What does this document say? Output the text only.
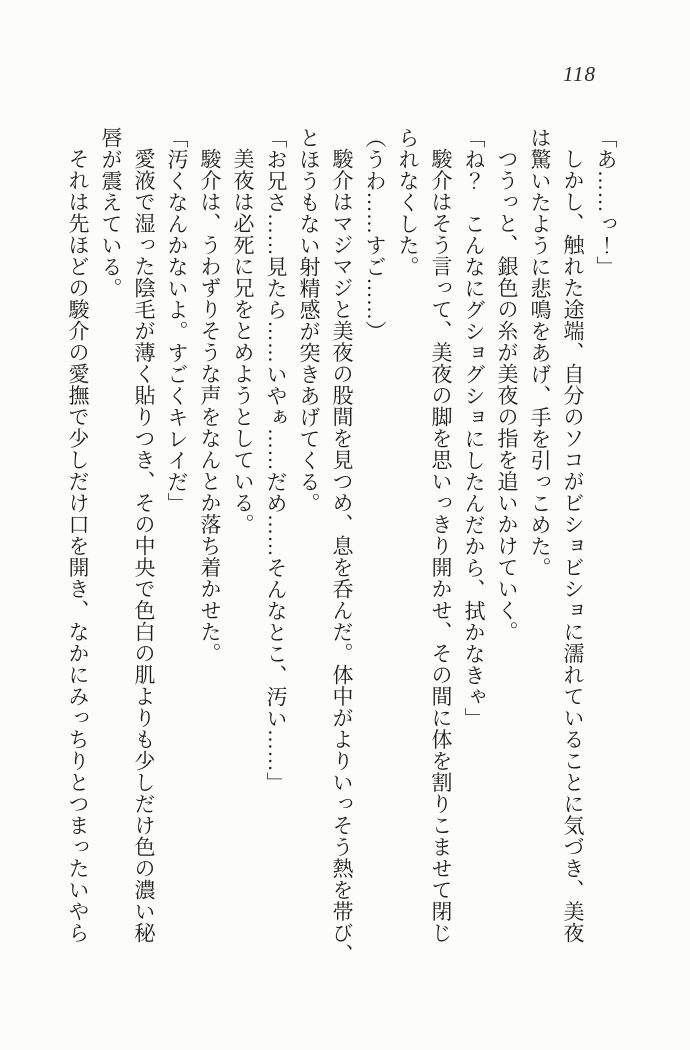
118

「あ……っ！」

しかし、触れた途端、自分のソコがビショビショに濡れていることに気づき、美夜

は驚いたように悲鳴をあげ、手を引っこめた。

つうっと、銀色の糸が美夜の指を追いかけていく。

「ね？　こんなにグショグショにしたんだから、拭かなきゃ」

駿介はそう言って、美夜の脚を思いっきり開かせ、その間に体を割りこませて閉じ

られなくした。

（うわ……すご……）

駿介はマジマジと美夜の股間を見つめ、息を呑んだ。体中がよりいっそう熱を帯び、

とほうもない射精感が突きあげてくる。

「お兄さ……見たら……いやぁ……だめ……そんなとこ、汚い……」

美夜は必死に兄をとめようとしている。

駿介は、うわずりそうな声をなんとか落ち着かせた。

「汚くなんかないよ。すごくキレイだ」

愛液で湿った陰毛が薄く貼りつき、その中央で色白の肌よりも少しだけ色の濃い秘

唇が震えている。

それは先ほどの駿介の愛撫で少しだけ口を開き、なかにみっちりとつまったいやら
